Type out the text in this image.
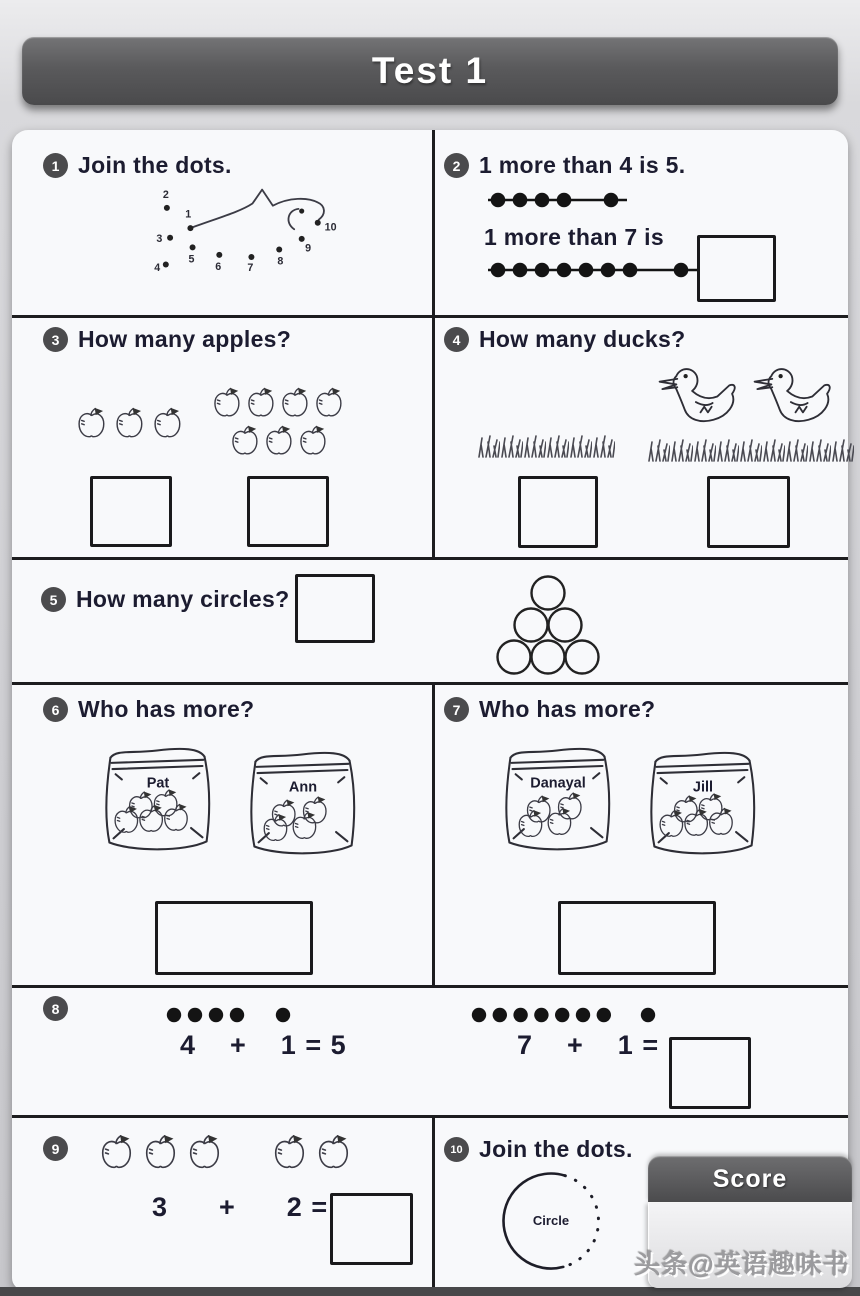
Test 1
1 Join the dots.
1
2
3
4
5
6	7
8
9
10
2 1 more than 4 is 5.
1 more than 7 is
3 How many apples?	4 How many ducks?
5 How many circles?
6 Who has more?
Pat	Ann
7 Who has more?
Danayal	Jill
8
4    +    1 = 5	7    +    1 =
9
3      +      2 =
10 Join the dots.
Circle
Score
头条@英语趣味书
